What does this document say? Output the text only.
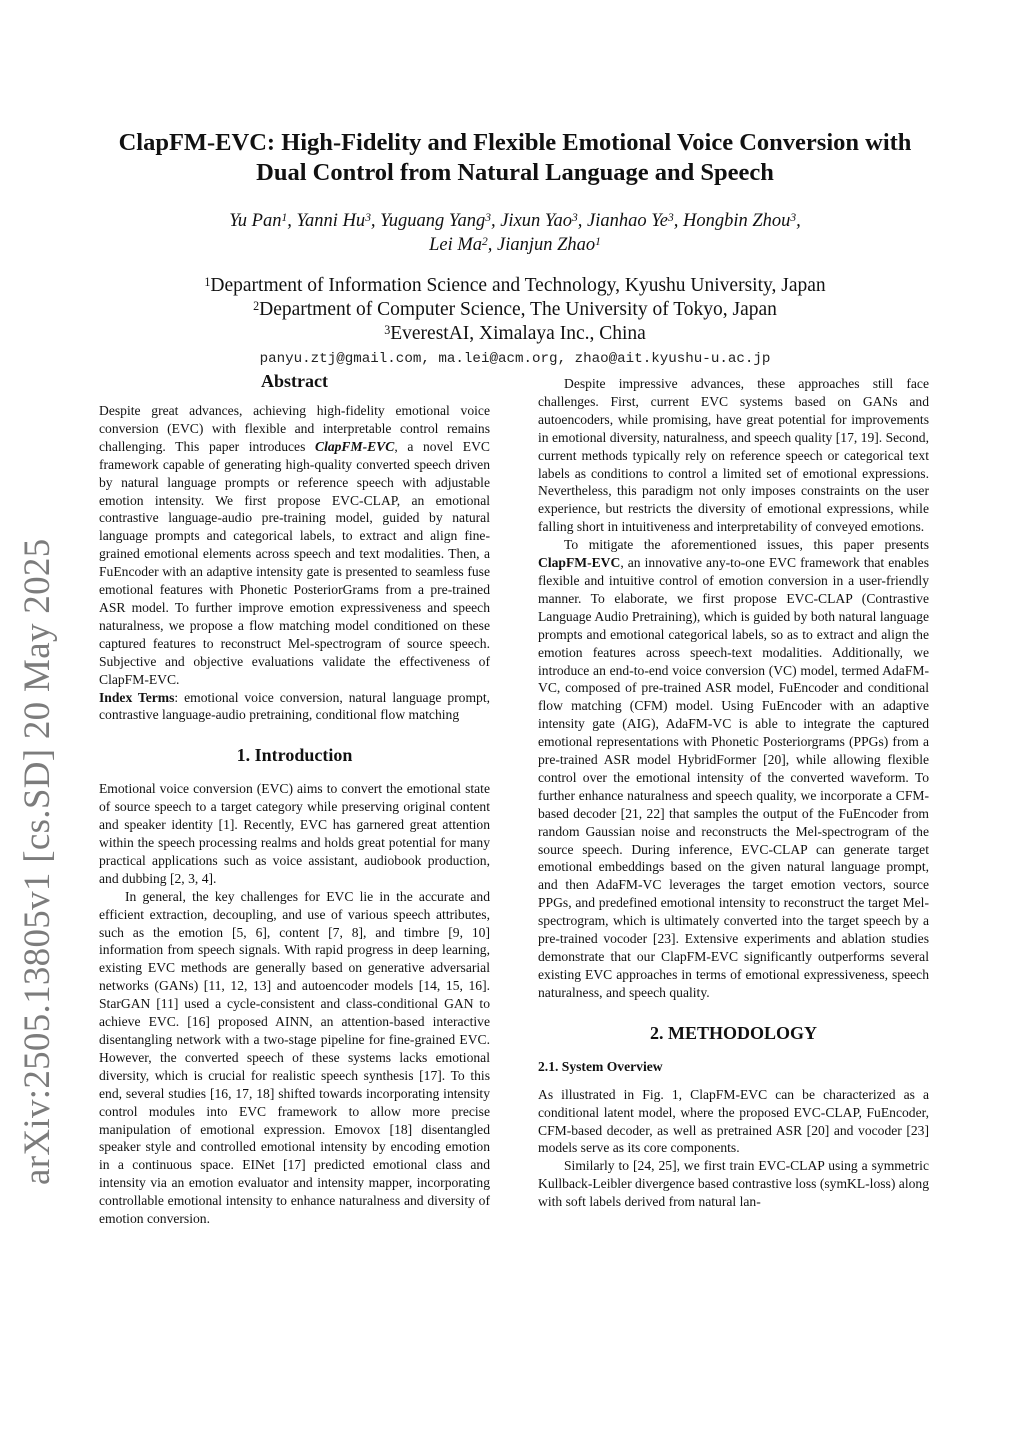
arXiv:2505.13805v1 [cs.SD] 20 May 2025
ClapFM-EVC: High-Fidelity and Flexible Emotional Voice Conversion with Dual Control from Natural Language and Speech
Yu Pan$^1$, Yanni Hu$^3$, Yuguang Yang$^3$, Jixun Yao$^3$, Jianhao Ye$^3$, Hongbin Zhou$^3$,
Lei Ma$^2$, Jianjun Zhao$^1$
$^1$Department of Information Science and Technology, Kyushu University, Japan
$^2$Department of Computer Science, The University of Tokyo, Japan
$^3$EverestAI, Ximalaya Inc., China
panyu.ztj@gmail.com, ma.lei@acm.org, zhao@ait.kyushu-u.ac.jp
Abstract

Despite great advances, achieving high-fidelity emotional voice conversion (EVC) with flexible and interpretable control remains challenging. This paper introduces ClapFM-EVC, a novel EVC framework capable of generating high-quality converted speech driven by natural language prompts or reference speech with adjustable emotion intensity. We first propose EVC-CLAP, an emotional contrastive language-audio pre-training model, guided by natural language prompts and categorical labels, to extract and align fine-grained emotional elements across speech and text modalities. Then, a FuEncoder with an adaptive intensity gate is presented to seamless fuse emotional features with Phonetic PosteriorGrams from a pre-trained ASR model. To further improve emotion expressiveness and speech naturalness, we propose a flow matching model conditioned on these captured features to reconstruct Mel-spectrogram of source speech. Subjective and objective evaluations validate the effectiveness of ClapFM-EVC.

Index Terms: emotional voice conversion, natural language prompt, contrastive language-audio pretraining, conditional flow matching

1. Introduction

Emotional voice conversion (EVC) aims to convert the emotional state of source speech to a target category while preserving original content and speaker identity [1]. Recently, EVC has garnered great attention within the speech processing realms and holds great potential for many practical applications such as voice assistant, audiobook production, and dubbing [2, 3, 4].

In general, the key challenges for EVC lie in the accurate and efficient extraction, decoupling, and use of various speech attributes, such as the emotion [5, 6], content [7, 8], and timbre [9, 10] information from speech signals. With rapid progress in deep learning, existing EVC methods are generally based on generative adversarial networks (GANs) [11, 12, 13] and autoencoder models [14, 15, 16]. StarGAN [11] used a cycle-consistent and class-conditional GAN to achieve EVC. [16] proposed AINN, an attention-based interactive disentangling network with a two-stage pipeline for fine-grained EVC. However, the converted speech of these systems lacks emotional diversity, which is crucial for realistic speech synthesis [17]. To this end, several studies [16, 17, 18] shifted towards incorporating intensity control modules into EVC framework to allow more precise manipulation of emotional expression. Emovox [18] disentangled speaker style and controlled emotional intensity by encoding emotion in a continuous space. EINet [17] predicted emotional class and intensity via an emotion evaluator and intensity mapper, incorporating controllable emotional intensity to enhance naturalness and diversity of emotion conversion.

Despite impressive advances, these approaches still face challenges. First, current EVC systems based on GANs and autoencoders, while promising, have great potential for improvements in emotional diversity, naturalness, and speech quality [17, 19]. Second, current methods typically rely on reference speech or categorical text labels as conditions to control a limited set of emotional expressions. Nevertheless, this paradigm not only imposes constraints on the user experience, but restricts the diversity of emotional expressions, while falling short in intuitiveness and interpretability of conveyed emotions.

To mitigate the aforementioned issues, this paper presents ClapFM-EVC, an innovative any-to-one EVC framework that enables flexible and intuitive control of emotion conversion in a user-friendly manner. To elaborate, we first propose EVC-CLAP (Contrastive Language Audio Pretraining), which is guided by both natural language prompts and emotional categorical labels, so as to extract and align the emotion features across speech-text modalities. Additionally, we introduce an end-to-end voice conversion (VC) model, termed AdaFM-VC, composed of pre-trained ASR model, FuEncoder and conditional flow matching (CFM) model. Using FuEncoder with an adaptive intensity gate (AIG), AdaFM-VC is able to integrate the captured emotional representations with Phonetic Posteriorgrams (PPGs) from a pre-trained ASR model HybridFormer [20], while allowing flexible control over the emotional intensity of the converted waveform. To further enhance naturalness and speech quality, we incorporate a CFM-based decoder [21, 22] that samples the output of the FuEncoder from random Gaussian noise and reconstructs the Mel-spectrogram of the source speech. During inference, EVC-CLAP can generate target emotional embeddings based on the given natural language prompt, and then AdaFM-VC leverages the target emotion vectors, source PPGs, and predefined emotional intensity to reconstruct the target Mel-spectrogram, which is ultimately converted into the target speech by a pre-trained vocoder [23]. Extensive experiments and ablation studies demonstrate that our ClapFM-EVC significantly outperforms several existing EVC approaches in terms of emotional expressiveness, speech naturalness, and speech quality.

2. METHODOLOGY
2.1. System Overview

As illustrated in Fig. 1, ClapFM-EVC can be characterized as a conditional latent model, where the proposed EVC-CLAP, FuEncoder, CFM-based decoder, as well as pretrained ASR [20] and vocoder [23] models serve as its core components.

Similarly to [24, 25], we first train EVC-CLAP using a symmetric Kullback-Leibler divergence based contrastive loss (symKL-loss) along with soft labels derived from natural lan-
